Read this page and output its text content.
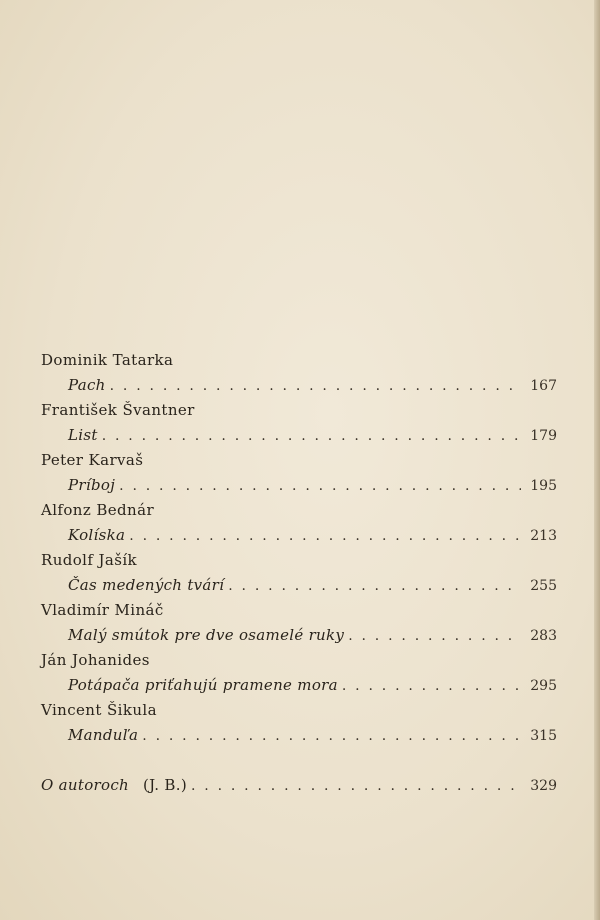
Dominik Tatarka
Pach . . .	167
František Švantner
List . . .	179
Peter Karvaš
Príboj . . .	195
Alfonz Bednár
Kolíska . . .	213
Rudolf Jašík
Čas medených tvárí . . .	255
Vladimír Mináč
Malý smútok pre dve osamelé ruky . . .	283
Ján Johanides
Potápača priťahujú pramene mora . . .	295
Vincent Šikula
Manduľa . . .	315
O autoroch (J. B.) . . .	329
